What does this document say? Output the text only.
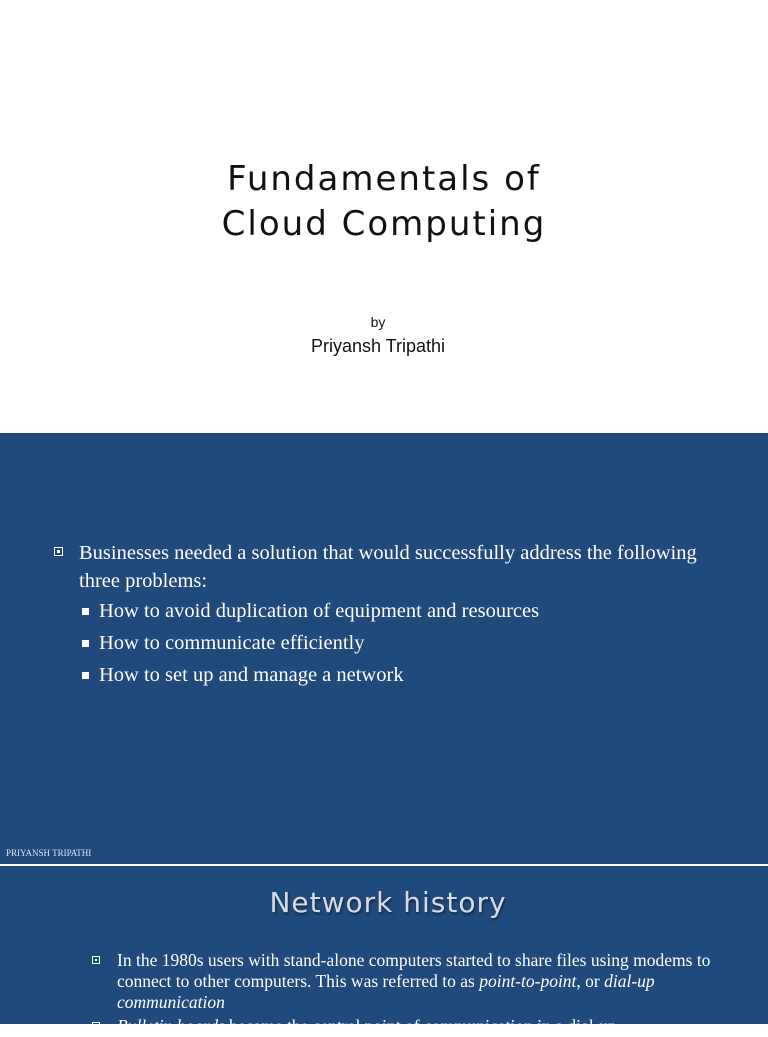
Fundamentals of
Cloud Computing
by
Priyansh Tripathi
Businesses needed a solution that would successfully address the following three problems:
How to avoid duplication of equipment and resources
How to communicate efficiently
How to set up and manage a network
PRIYANSH TRIPATHI
Network history
In the 1980s users with stand-alone computers started to share files using modems to connect to other computers. This was referred to as point-to-point, or dial-up communication
Bulletin boards became the central point of communication in a dial-up
